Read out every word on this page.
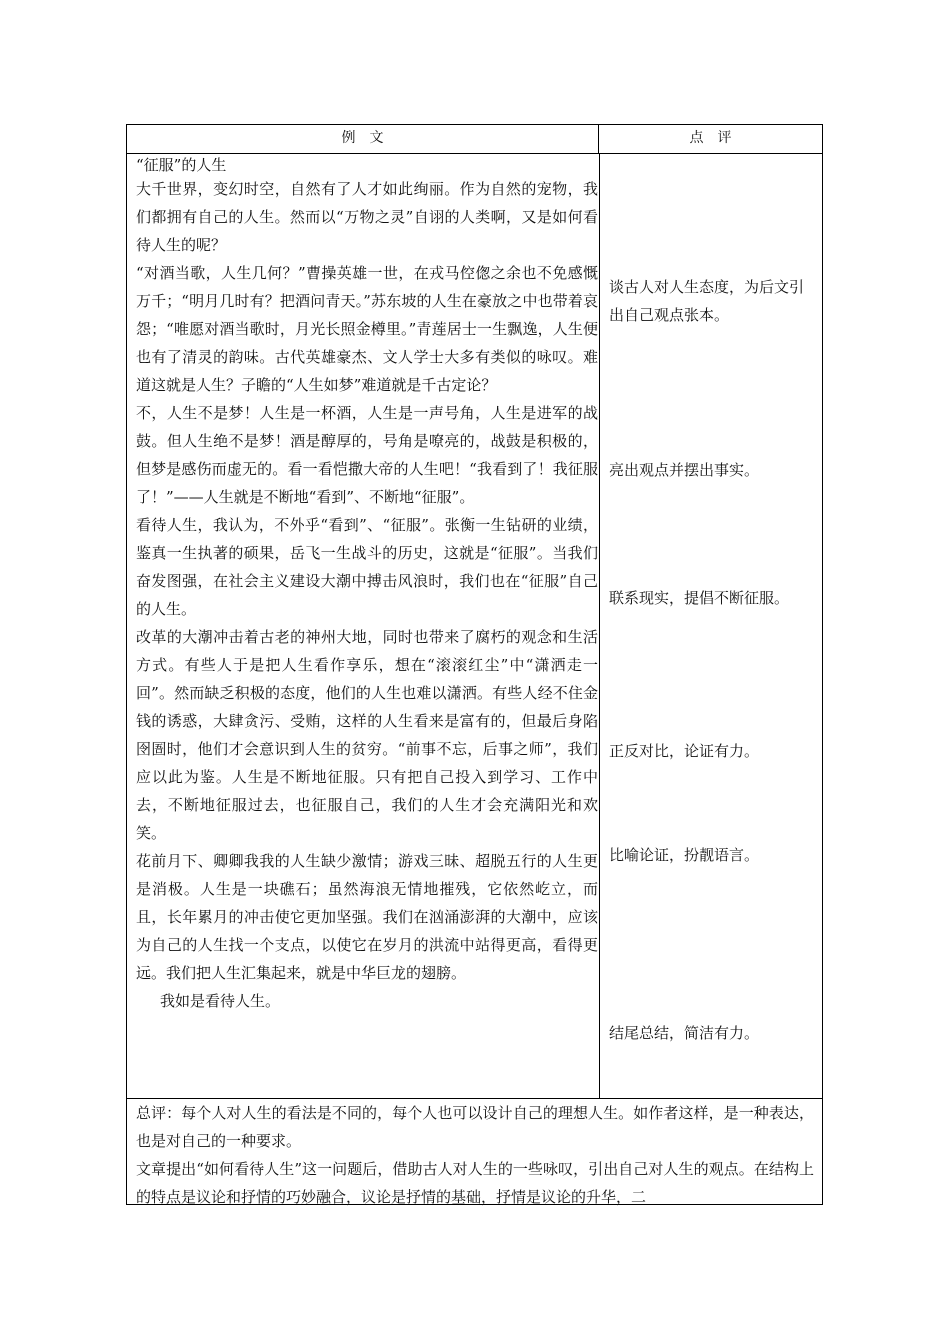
例　文	点　评

“征服”的人生

大千世界，变幻时空，自然有了人才如此绚丽。作为自然的宠物，我们都拥有自己的人生。然而以“万物之灵”自诩的人类啊，又是如何看待人生的呢？

“对酒当歌，人生几何？”曹操英雄一世，在戎马倥偬之余也不免感慨万千；“明月几时有？把酒问青天。”苏东坡的人生在豪放之中也带着哀怨；“唯愿对酒当歌时，月光长照金樽里。”青莲居士一生飘逸，人生便也有了清灵的韵味。古代英雄豪杰、文人学士大多有类似的咏叹。难道这就是人生？子瞻的“人生如梦”难道就是千古定论？

不，人生不是梦！人生是一杯酒，人生是一声号角，人生是进军的战鼓。但人生绝不是梦！酒是醇厚的，号角是嘹亮的，战鼓是积极的，但梦是感伤而虚无的。看一看恺撒大帝的人生吧！“我看到了！我征服了！”——人生就是不断地“看到”、不断地“征服”。

看待人生，我认为，不外乎“看到”、“征服”。张衡一生钻研的业绩，鉴真一生执著的硕果，岳飞一生战斗的历史，这就是“征服”。当我们奋发图强，在社会主义建设大潮中搏击风浪时，我们也在“征服”自己的人生。

改革的大潮冲击着古老的神州大地，同时也带来了腐朽的观念和生活方式。有些人于是把人生看作享乐，想在“滚滚红尘”中“潇洒走一回”。然而缺乏积极的态度，他们的人生也难以潇洒。有些人经不住金钱的诱惑，大肆贪污、受贿，这样的人生看来是富有的，但最后身陷囹圄时，他们才会意识到人生的贫穷。“前事不忘，后事之师”，我们应以此为鉴。人生是不断地征服。只有把自己投入到学习、工作中去，不断地征服过去，也征服自己，我们的人生才会充满阳光和欢笑。

花前月下、卿卿我我的人生缺少激情；游戏三昧、超脱五行的人生更是消极。人生是一块礁石；虽然海浪无情地摧残，它依然屹立，而且，长年累月的冲击使它更加坚强。我们在汹涌澎湃的大潮中，应该为自己的人生找一个支点，以使它在岁月的洪流中站得更高，看得更远。我们把人生汇集起来，就是中华巨龙的翅膀。

我如是看待人生。

谈古人对人生态度，为后文引出自己观点张本。

亮出观点并摆出事实。

联系现实，提倡不断征服。

正反对比，论证有力。

比喻论证，扮靓语言。

结尾总结，简洁有力。

总评：每个人对人生的看法是不同的，每个人也可以设计自己的理想人生。如作者这样，是一种表达，也是对自己的一种要求。

文章提出“如何看待人生”这一问题后，借助古人对人生的一些咏叹，引出自己对人生的观点。在结构上的特点是议论和抒情的巧妙融合，议论是抒情的基础，抒情是议论的升华，二
